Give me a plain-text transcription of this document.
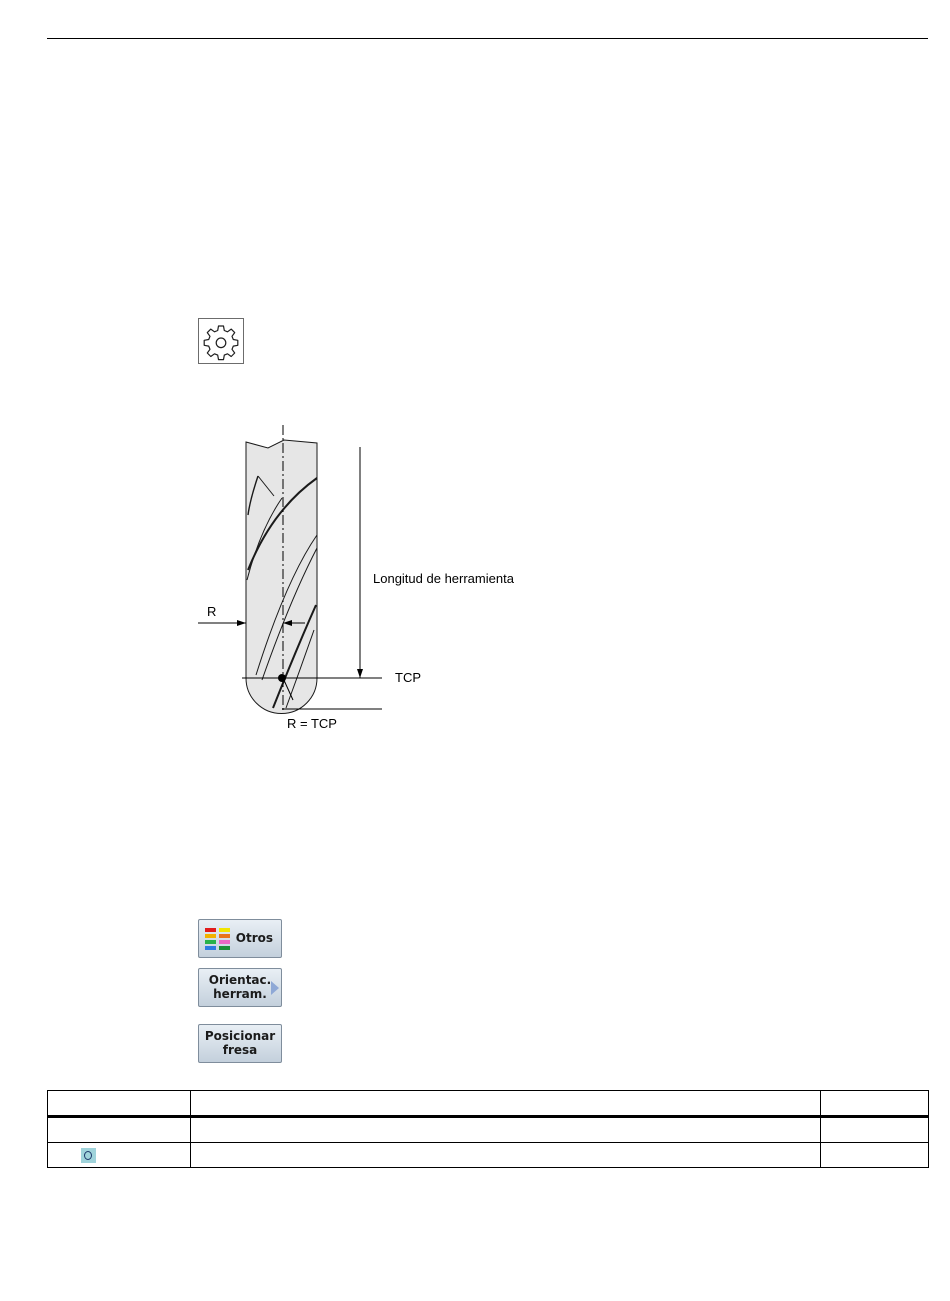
Longitud de herramienta
R
TCP
R = TCP
Otros
Orientac.
herram.
Posicionar
fresa
